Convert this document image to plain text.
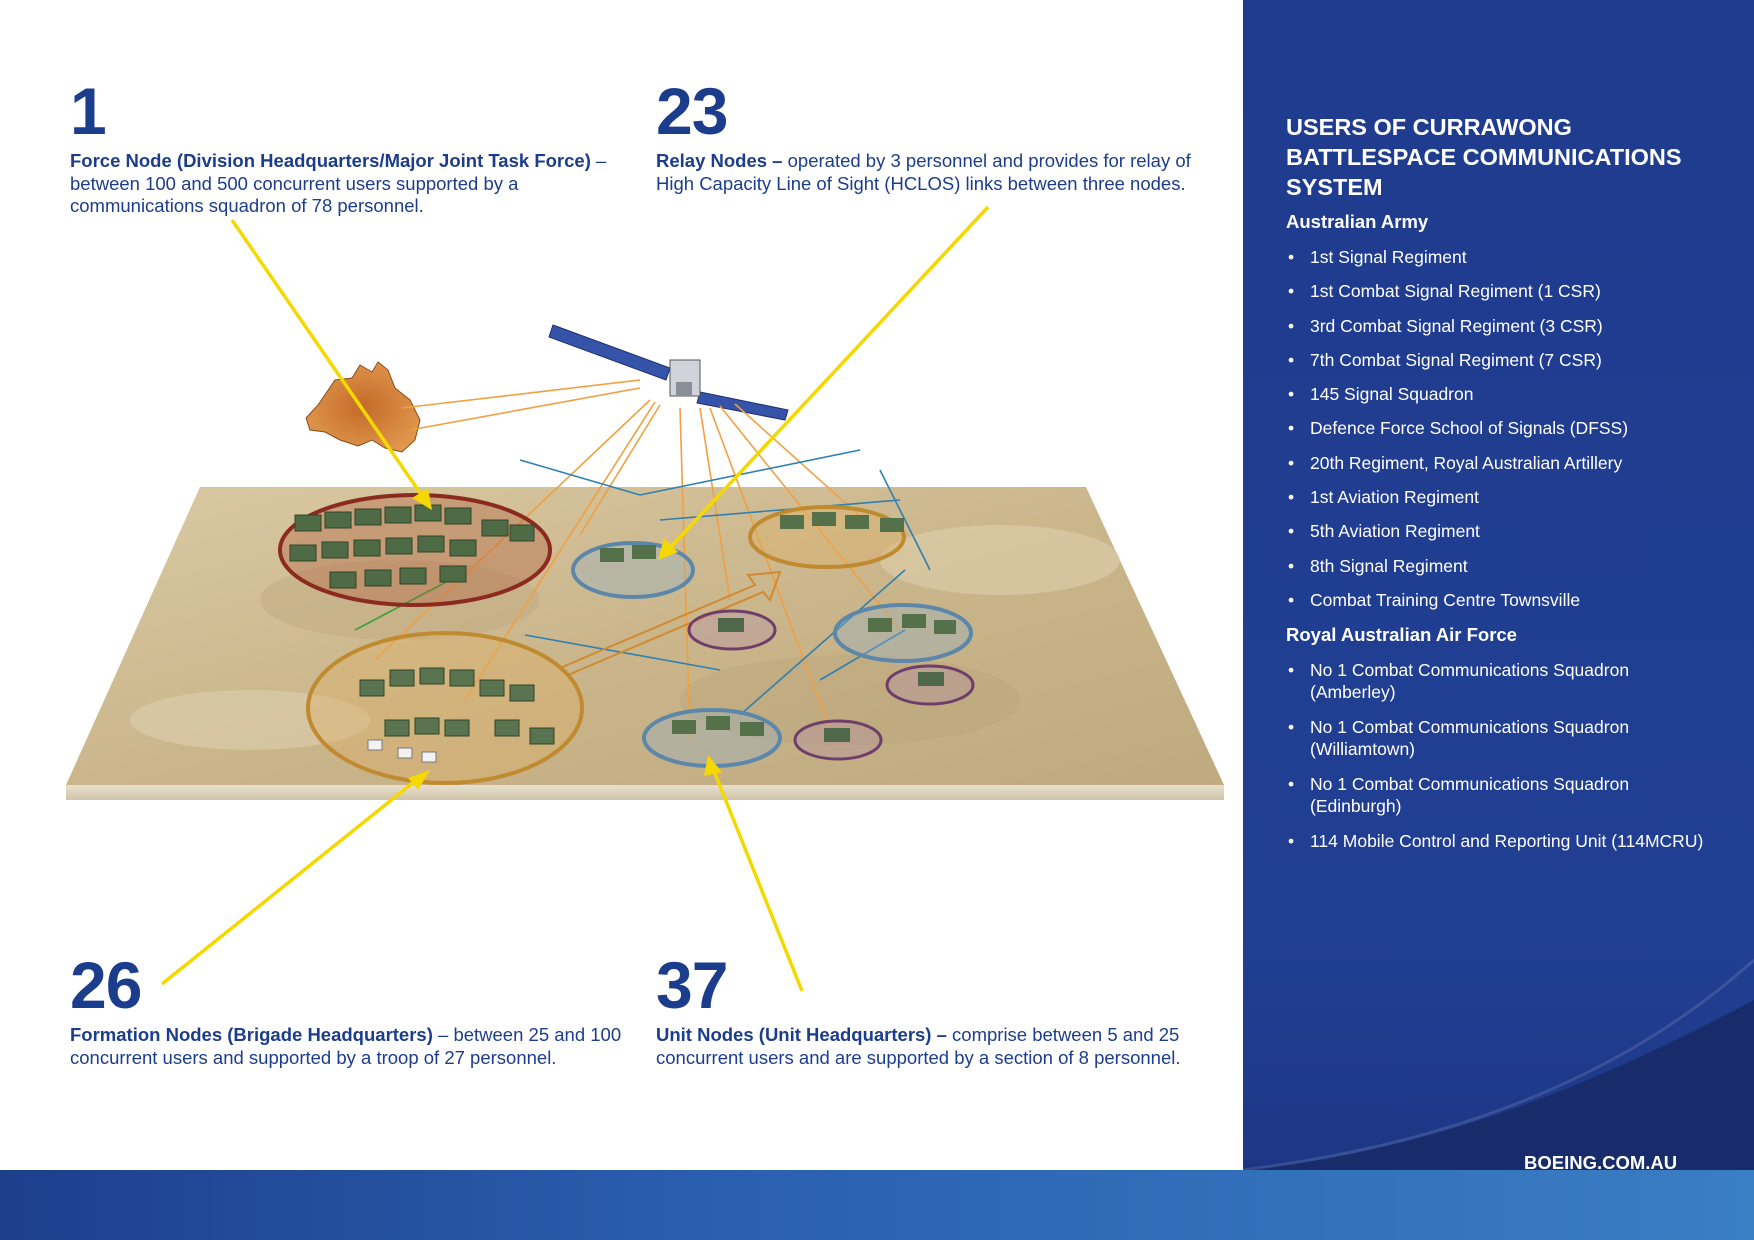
1
Force Node (Division Headquarters/Major Joint Task Force) – between 100 and 500 concurrent users supported by a communications squadron of 78 personnel.
23
Relay Nodes – operated by 3 personnel and provides for relay of High Capacity Line of Sight (HCLOS) links between three nodes.
26
Formation Nodes (Brigade Headquarters) – between 25 and 100 concurrent users and supported by a troop of 27 personnel.
37
Unit Nodes (Unit Headquarters) – comprise between 5 and 25 concurrent users and are supported by a section of 8 personnel.
USERS OF CURRAWONG BATTLESPACE COMMUNICATIONS SYSTEM
Australian Army
• 1st Signal Regiment
• 1st Combat Signal Regiment (1 CSR)
• 3rd Combat Signal Regiment (3 CSR)
• 7th Combat Signal Regiment (7 CSR)
• 145 Signal Squadron
• Defence Force School of Signals (DFSS)
• 20th Regiment, Royal Australian Artillery
• 1st Aviation Regiment
• 5th Aviation Regiment
• 8th Signal Regiment
• Combat Training Centre Townsville
Royal Australian Air Force
• No 1 Combat Communications Squadron (Amberley)
• No 1 Combat Communications Squadron (Williamtown)
• No 1 Combat Communications Squadron (Edinburgh)
• 114 Mobile Control and Reporting Unit (114MCRU)

BOEING.COM.AU
